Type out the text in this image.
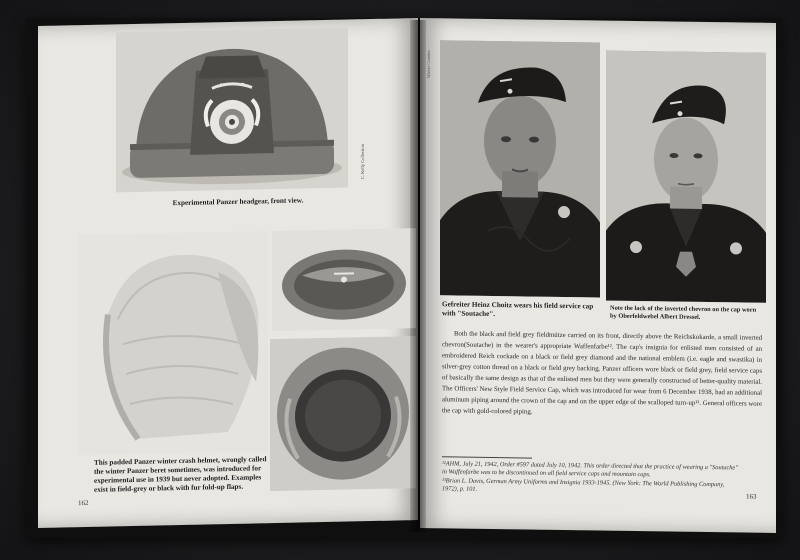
C. Kelly Collection
Experimental Panzer headgear, front view.
This padded Panzer winter crash helmet, wrongly called the winter Panzer beret sometimes, was introduced for experimental use in 1939 but never adopted. Examples exist in field-grey or black with fur fold-up flaps.
162
Winter Crashes
Gefreiter Heinz Choitz wears his field service cap with "Soutache".	Note the lack of the inverted chevron on the cap worn by Oberfeldwebel Albert Dressel.

Both the black and field grey fieldmütze carried on its front, directly above the Reichskokarde, a small inverted chevron(Soutache) in the wearer's appropriate Waffenfarbe¹². The cap's insignia for enlisted men consisted of an embroidered Reich cockade on a black or field grey diamond and the national emblem (i.e. eagle and swastika) in silver-grey cotton thread on a black or field grey backing. Panzer officers wore black or field grey, field service caps of basically the same design as that of the enlisted men but they were generally constructed of better-quality material. The Officers' New Style Field Service Cap, which was introduced for wear from 6 December 1938, had an additional aluminum piping around the crown of the cap and on the upper edge of the scalloped turn-up¹³. General officers wore the cap with gold-colored piping.

¹²AHM, July 21, 1942, Order #597 dated July 10, 1942. This order directed that the practice of wearing a "Soutache" in Waffenfarbe was to be discontinued on all field service caps and mountain caps.

¹³Brian L. Davis, German Army Uniforms and Insignia 1933-1945. (New York: The World Publishing Company, 1972), p. 101.

163
